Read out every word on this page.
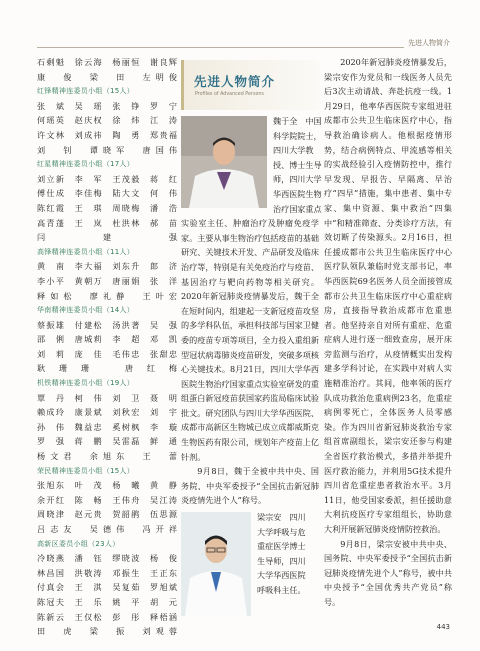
先进人物简介
石剩魁　徐云海　杨丽恒　谢良辉
康　俊　梁　田　左明俊
红锋精神连委员小组（15人）
张　斌　吴　瑶　张　铮　罗　宁
何瑶英　赵庆权　徐　炜　江　涛
许文林　刘成祎　陶　勇　郑贵福
刘　钊　谭晓军　唐国伟
红星精神连委员小组（17人）
刘立新　李　军　王茂毅　蒋　红
傅仕成　李佳梅　陆大文　何　伟
陈红霞　王　琪　周晓梅　潘　浩
高青蓬　王　岚　杜洪林　郝　苗
闫建强
高锋精神连委员小组（11人）
黄　南　李大福　刘东升　郎　济
李小平　黄朝万　唐丽娟　张　洋
释如松　廖礼静　王叶宏
华南精神连委员小组（14人）
蔡振雄　付建松　汤洪著　吴　强
邵　俐　唐城莉　李　超　邓　凯
刘　莉　庞　佳　毛伟忠　张甜忠
耿珊珊　唐红梅
机铁精神连委员小组（19人）
覃　丹　柯　伟　刘　卫　聂　明
赖成玲　康景斌　刘秋宏　刘　宇
孙　伟　魏益忠　奚树枫　李　璇
罗　强　蒋　鹏　吴雷磊　鲜　通
杨文君　余旭东　王　蕾
荣民精神连委员小组（15人）
张旭东　叶　茂　杨　曦　黄　静
余开红　陈　畅　王伟舟　吴江涛
周晓津　赵元贵　贺韶鹃　伍思源
吕志友　吴德伟　冯开祥
高新区委员小组（23人）
冷晓燕　潘　钰　缪晓波　杨　俊
林昌国　洪敬涛　邓振生　王正东
付真会　王　淇　吴复茹　罗旭斌
陈冠夫　王　乐　姚　平　胡　元
陈新云　王仅松　彭　彤　释梧涵
田　虎　梁　振　刘观蓉
先进人物简介
Profiles of Advanced Persons
魏于全　中国
科学院院士，
四川大学教
授、博士生导
师，四川大学
华西医院生物
治疗国家重点

实验室主任、肿瘤治疗及肿瘤免疫学家。主要从事生物治疗包括疫苗的基础研究、关键技术开发、产品研发及临床治疗等，特别是有关免疫治疗与疫苗、基因治疗与靶向药物等相关研究。2020年新冠肺炎疫情暴发后，魏于全在短时间内，组建起一支新冠疫苗攻坚的多学科队伍，承担科技部与国家卫健委的疫苗专项等项目，全力投入重组新型冠状病毒肺炎疫苗研发，突破多项核心关键技术。8月21日，四川大学华西医院生物治疗国家重点实验室研发的重组蛋白新冠疫苗获国家药监局临床试验批文。研究团队与四川大学华西医院、成都市高新区生物城已成立成都威斯克生物医药有限公司，规划年产疫苗上亿针剂。

9月8日，魏于全被中共中央、国务院、中央军委授予“全国抗击新冠肺炎疫情先进个人”称号。

梁宗安　四川
大学呼吸与危
重症医学博士
生导师，四川
大学华西医院
呼吸科主任。

2020年新冠肺炎疫情暴发后，梁宗安作为党员和一线医务人员先后3次主动请战、奔赴抗疫一线。1月29日，他率华西医院专家组进驻成都市公共卫生临床医疗中心，指导救治确诊病人。他根据疫情形势，结合病例特点、甲流感等相关的实战经验引入疫情防控中，推行早发现、早报告、早隔离、早治疗“四早”措施，集中患者、集中专家、集中资源、集中救治“四集中”和精准筛查、分类诊疗方法，有效切断了传染源头。2月16日，担任援成都市公共卫生临床医疗中心医疗队领队兼临时党支部书记，率华西医院69名医务人员全面接管成都市公共卫生临床医疗中心重症病房，直接指导救治成都市危重患者。他坚持亲自对所有重症、危重症病人进行逐一细致查房，展开床旁监测与治疗，从疫情概实出发构建多学科讨论，在实践中对病人实施精准治疗。其间，他率领的医疗队成功救治危重病例23名，危重症病例零死亡，全体医务人员零感染。作为四川省新冠肺炎救治专家组首席副组长，梁宗安还参与构建全省医疗救治模式，多措并举提升医疗救治能力，并利用5G技术提升四川省危重症患者救治水平。3月11日，他受国家委派，担任援助意大利抗疫医疗专家组组长，协助意大利开展新冠肺炎疫情防控救治。

9月8日，梁宗安被中共中央、国务院、中央军委授予“全国抗击新冠肺炎疫情先进个人”称号，被中共中央授予“全国优秀共产党员”称号。

443
